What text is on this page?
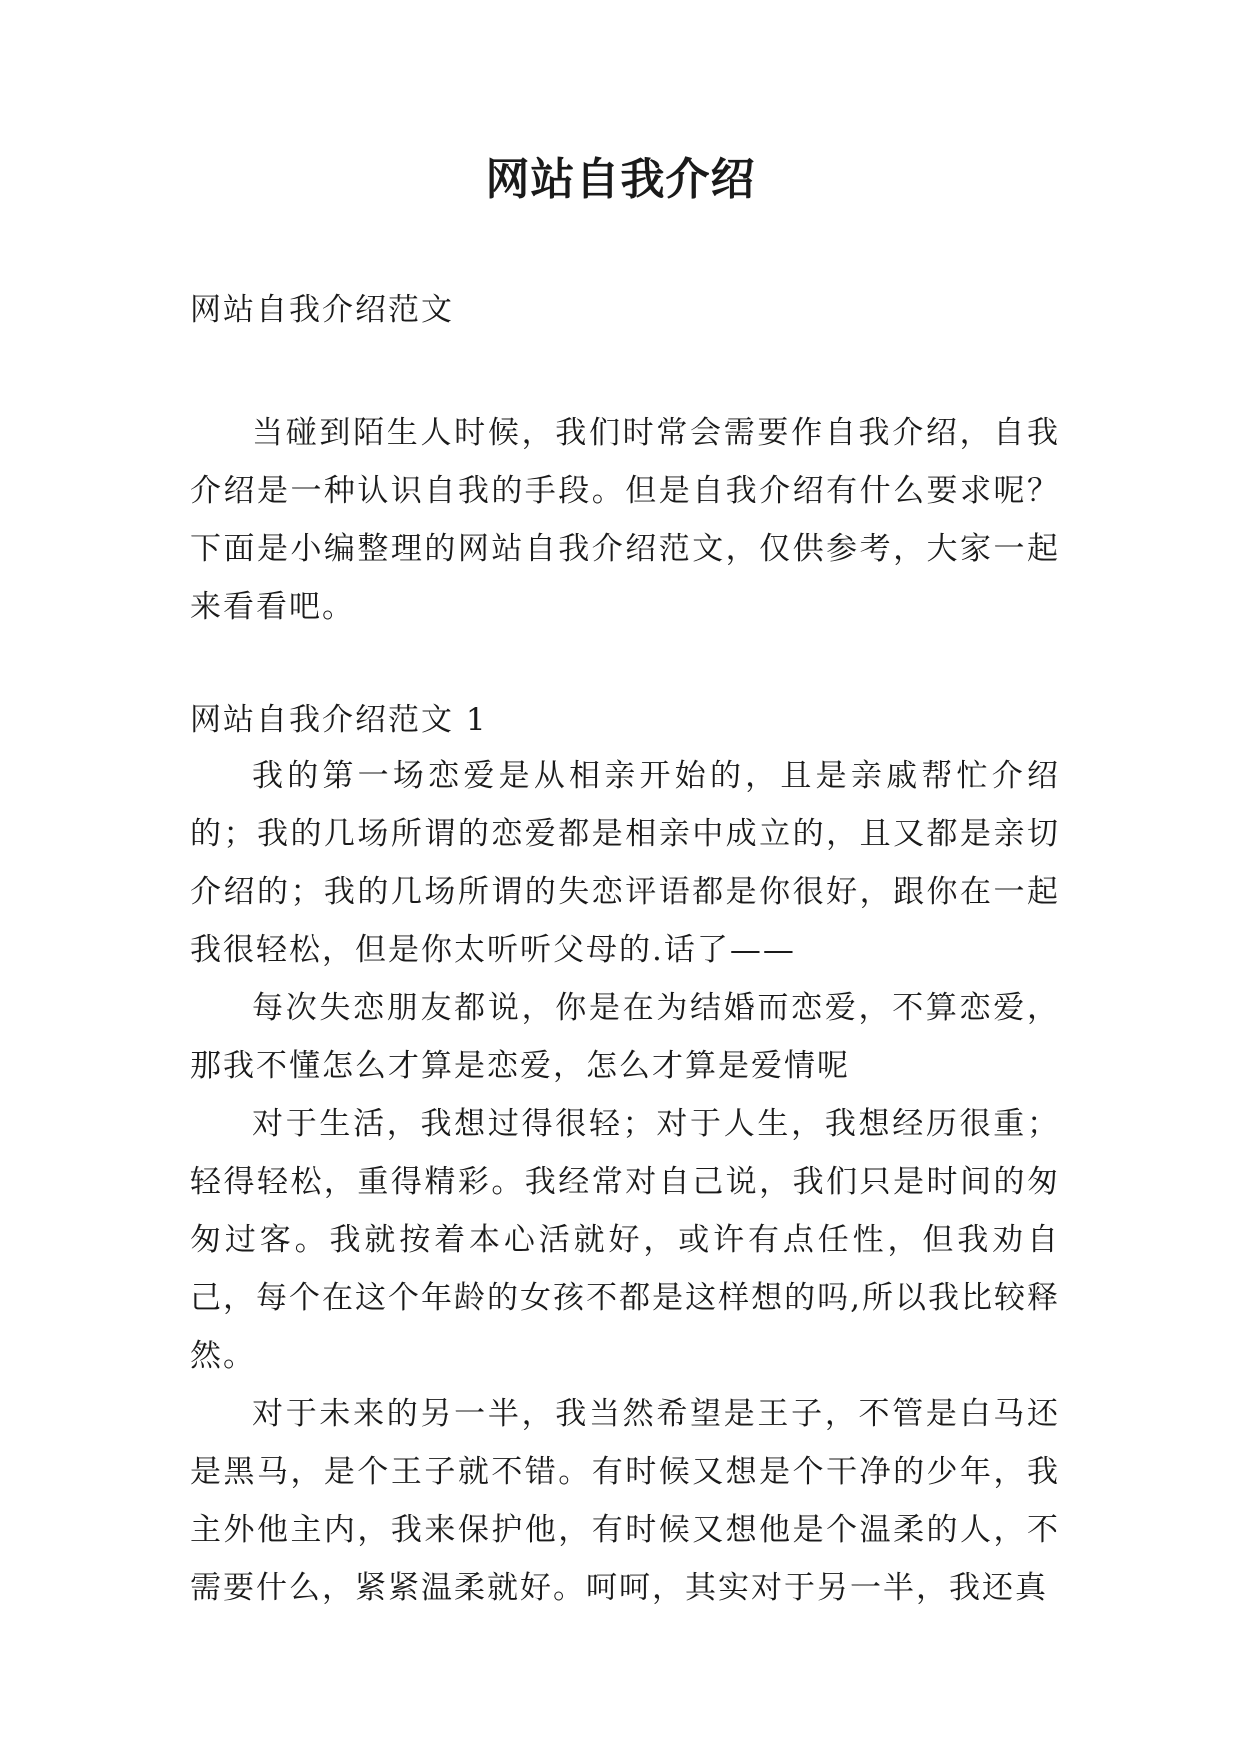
网站自我介绍
网站自我介绍范文
当碰到陌生人时候，我们时常会需要作自我介绍，自我介绍是一种认识自我的手段。但是自我介绍有什么要求呢？下面是小编整理的网站自我介绍范文，仅供参考，大家一起来看看吧。
网站自我介绍范文 1

我的第一场恋爱是从相亲开始的，且是亲戚帮忙介绍的；我的几场所谓的恋爱都是相亲中成立的，且又都是亲切介绍的；我的几场所谓的失恋评语都是你很好，跟你在一起我很轻松，但是你太听听父母的.话了——

每次失恋朋友都说，你是在为结婚而恋爱，不算恋爱，那我不懂怎么才算是恋爱，怎么才算是爱情呢

对于生活，我想过得很轻；对于人生，我想经历很重；轻得轻松，重得精彩。我经常对自己说，我们只是时间的匆匆过客。我就按着本心活就好，或许有点任性，但我劝自己，每个在这个年龄的女孩不都是这样想的吗,所以我比较释然。

对于未来的另一半，我当然希望是王子，不管是白马还是黑马，是个王子就不错。有时候又想是个干净的少年，我主外他主内，我来保护他，有时候又想他是个温柔的人，不需要什么，紧紧温柔就好。呵呵，其实对于另一半，我还真
